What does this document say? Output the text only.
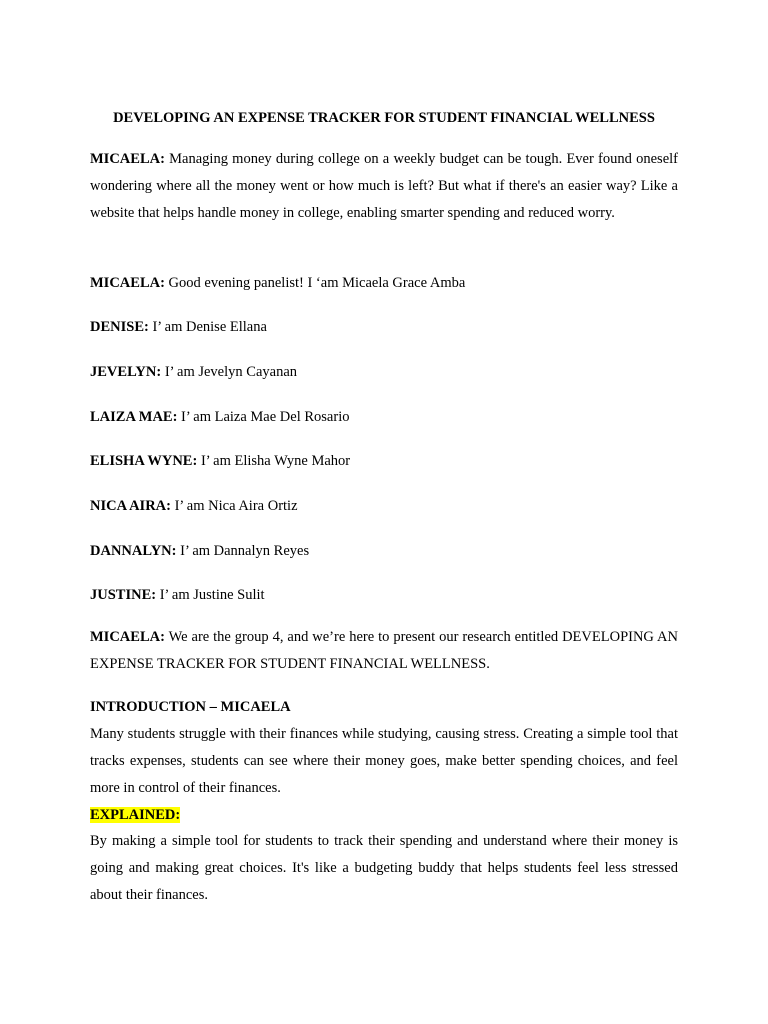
DEVELOPING AN EXPENSE TRACKER FOR STUDENT FINANCIAL WELLNESS
MICAELA: Managing money during college on a weekly budget can be tough. Ever found oneself wondering where all the money went or how much is left? But what if there's an easier way? Like a website that helps handle money in college, enabling smarter spending and reduced worry.
MICAELA: Good evening panelist! I ‘am Micaela Grace Amba
DENISE: I’ am Denise Ellana
JEVELYN: I’ am Jevelyn Cayanan
LAIZA MAE: I’ am Laiza Mae Del Rosario
ELISHA WYNE: I’ am Elisha Wyne Mahor
NICA AIRA: I’ am Nica Aira Ortiz
DANNALYN: I’ am Dannalyn Reyes
JUSTINE: I’ am Justine Sulit
MICAELA: We are the group 4, and we’re here to present our research entitled DEVELOPING AN EXPENSE TRACKER FOR STUDENT FINANCIAL WELLNESS.
INTRODUCTION – MICAELA
Many students struggle with their finances while studying, causing stress. Creating a simple tool that tracks expenses, students can see where their money goes, make better spending choices, and feel more in control of their finances.
EXPLAINED:
By making a simple tool for students to track their spending and understand where their money is going and making great choices. It's like a budgeting buddy that helps students feel less stressed about their finances.
